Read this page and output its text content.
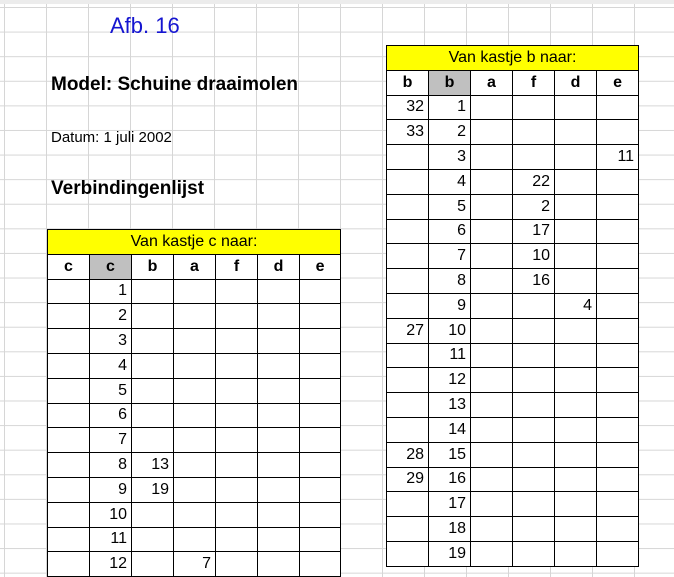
Afb. 16
Model: Schuine draaimolen
Datum: 1 juli 2002
Verbindingenlijst
Van kastje c naar:						
c	c	b	a	f	d	e
	1					
	2					
	3					
	4					
	5					
	6					
	7					
	8	13				
	9	19				
	10					
	11					
	12		7			
Van kastje b naar:					
b	b	a	f	d	e
32	1				
33	2				
	3				11
	4		22		
	5		2		
	6		17		
	7		10		
	8		16		
	9			4	
27	10				
	11				
	12				
	13				
	14				
28	15				
29	16				
	17				
	18				
	19				
